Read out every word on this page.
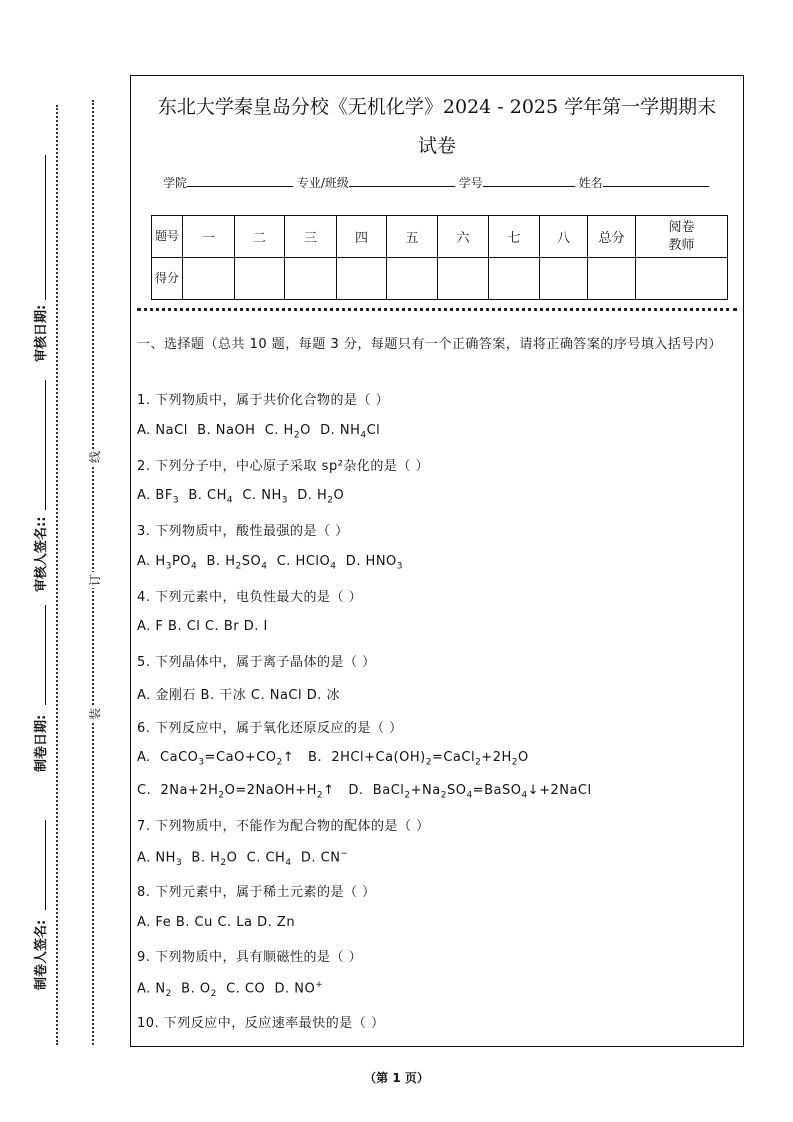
审核日期:
审核人签名::
制卷日期:
制卷人签名:
线
订
装
东北大学秦皇岛分校《无机化学》2024 - 2025 学年第一学期期末
试卷
学院	专业/班级	学号	姓名
题号	一	二	三	四	五	六	七	八	总分	阅卷教师
得分										
一、选择题（总共 10 题，每题 3 分，每题只有一个正确答案，请将正确答案的序号填入括号内）
1. 下列物质中，属于共价化合物的是（ ）
A. NaCl  B. NaOH  C. $H_2O$  D. $NH_4Cl$
2. 下列分子中，中心原子采取 sp²杂化的是（ ）
A. $BF_3$  B. $CH_4$  C. $NH_3$  D. $H_2O$
3. 下列物质中，酸性最强的是（ ）
A. $H_3PO_4$  B. $H_2SO_4$  C. HClO$_4$  D. $HNO_3$
4. 下列元素中，电负性最大的是（ ）
A. F B. Cl C. Br D. I
5. 下列晶体中，属于离子晶体的是（ ）
A. 金刚石 B. 干冰 C. NaCl D. 冰
6. 下列反应中，属于氧化还原反应的是（ ）
A.  $CaCO_3=CaO+CO_2↑$   B.  $2HCl+Ca(OH)_2=CaCl_2+2H_2O$
C.  $2Na+2H_2O=2NaOH+H_2↑$   D.  $BaCl_2+Na_2SO_4=BaSO_4↓+2NaCl$
7. 下列物质中，不能作为配合物的配体的是（ ）
A. $NH_3$  B. $H_2O$  C. $CH_4$  D. CN−
8. 下列元素中，属于稀土元素的是（ ）
A. Fe B. Cu C. La D. Zn
9. 下列物质中，具有顺磁性的是（ ）
A. $N_2$  B. $O_2$  C. CO  D. NO+
10. 下列反应中，反应速率最快的是（ ）
（第 1 页）
